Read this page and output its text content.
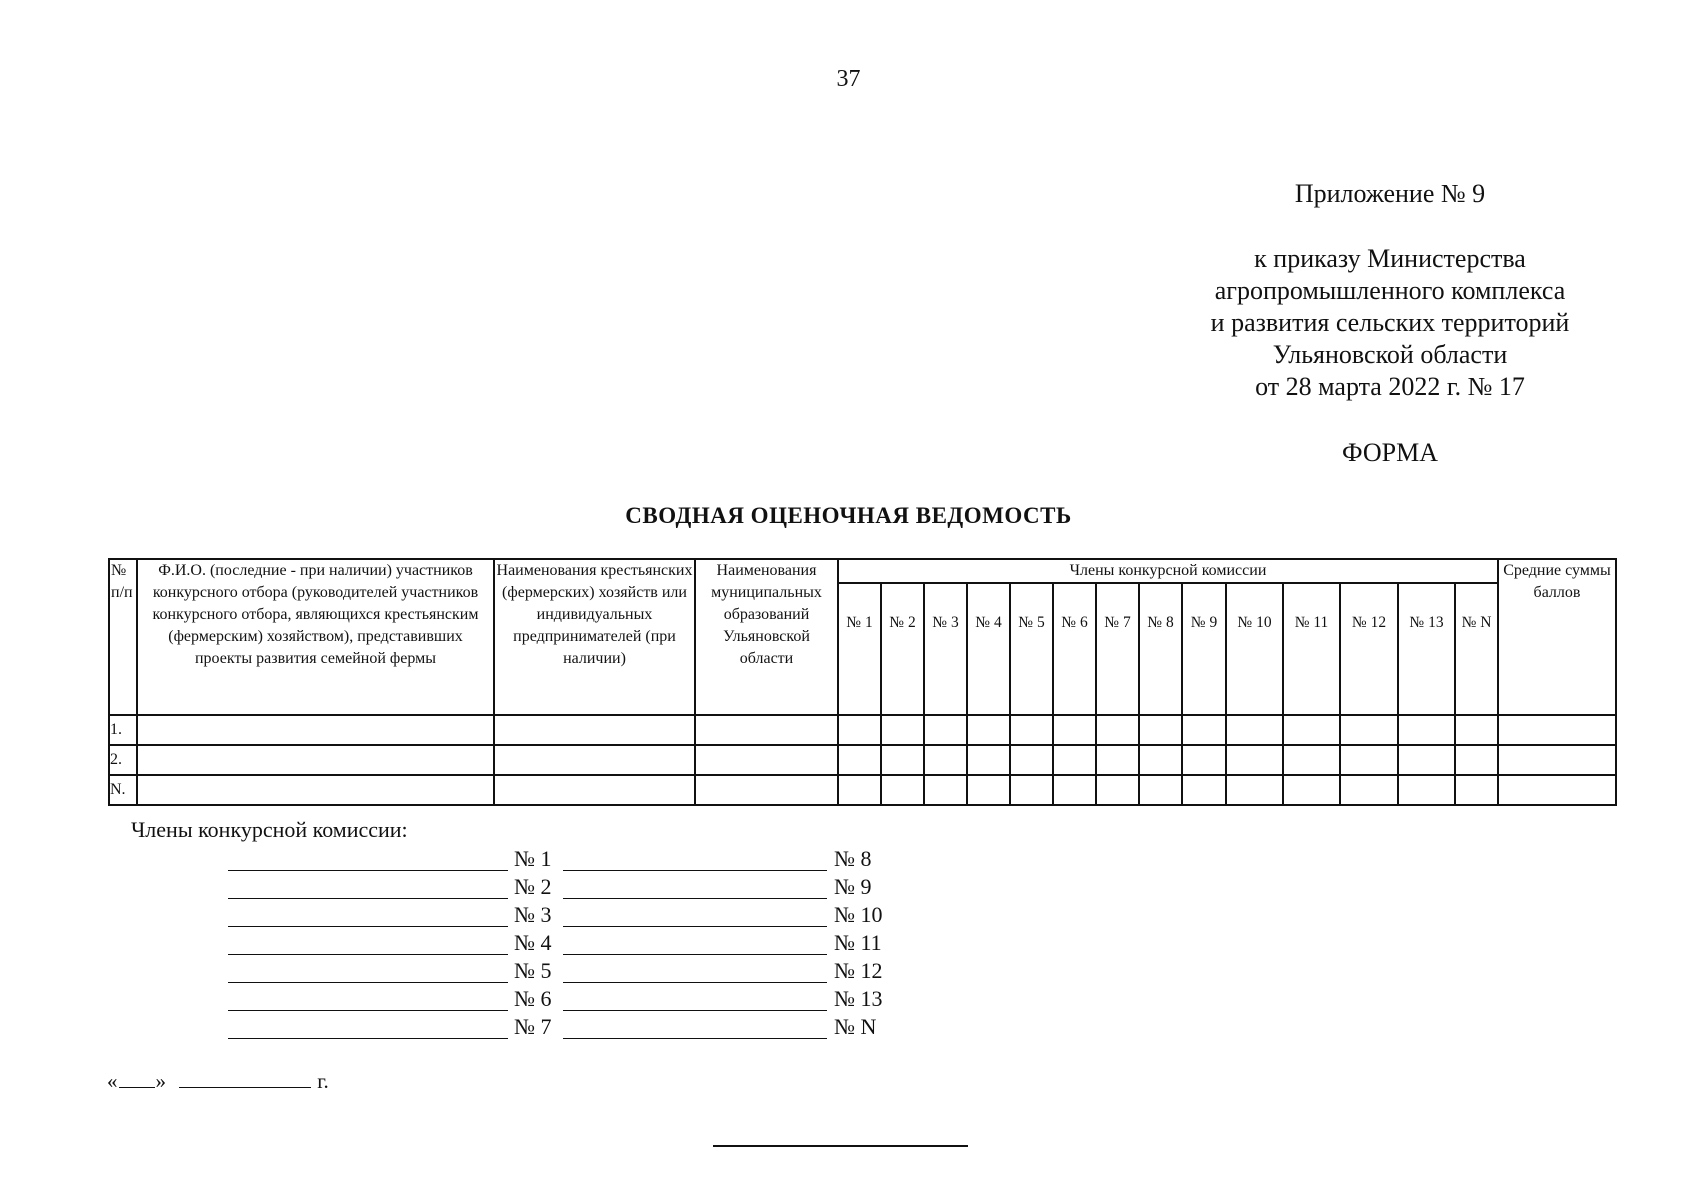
37
Приложение № 9
к приказу Министерства
агропромышленного комплекса
и развития сельских территорий
Ульяновской области
от 28 марта 2022 г. № 17
ФОРМА
СВОДНАЯ ОЦЕНОЧНАЯ ВЕДОМОСТЬ
№ п/п	Ф.И.О. (последние - при наличии) участников конкурсного отбора (руководителей участников конкурсного отбора, являющихся крестьянским (фермерским) хозяйством), представивших проекты развития семейной фермы	Наименования крестьянских (фермерских) хозяйств или индивидуальных предпринимателей (при наличии)	Наименования муниципальных образований Ульяновской области	Члены конкурсной комиссии														Средние суммы баллов
				№ 1	№ 2	№ 3	№ 4	№ 5	№ 6	№ 7	№ 8	№ 9	№ 10	№ 11	№ 12	№ 13	№ N	
1.																		
2.																		
N.																		
Члены конкурсной комиссии:
№ 1	№ 8
№ 2	№ 9
№ 3	№ 10
№ 4	№ 11
№ 5	№ 12
№ 6	№ 13
№ 7	№ N
« »	г.
